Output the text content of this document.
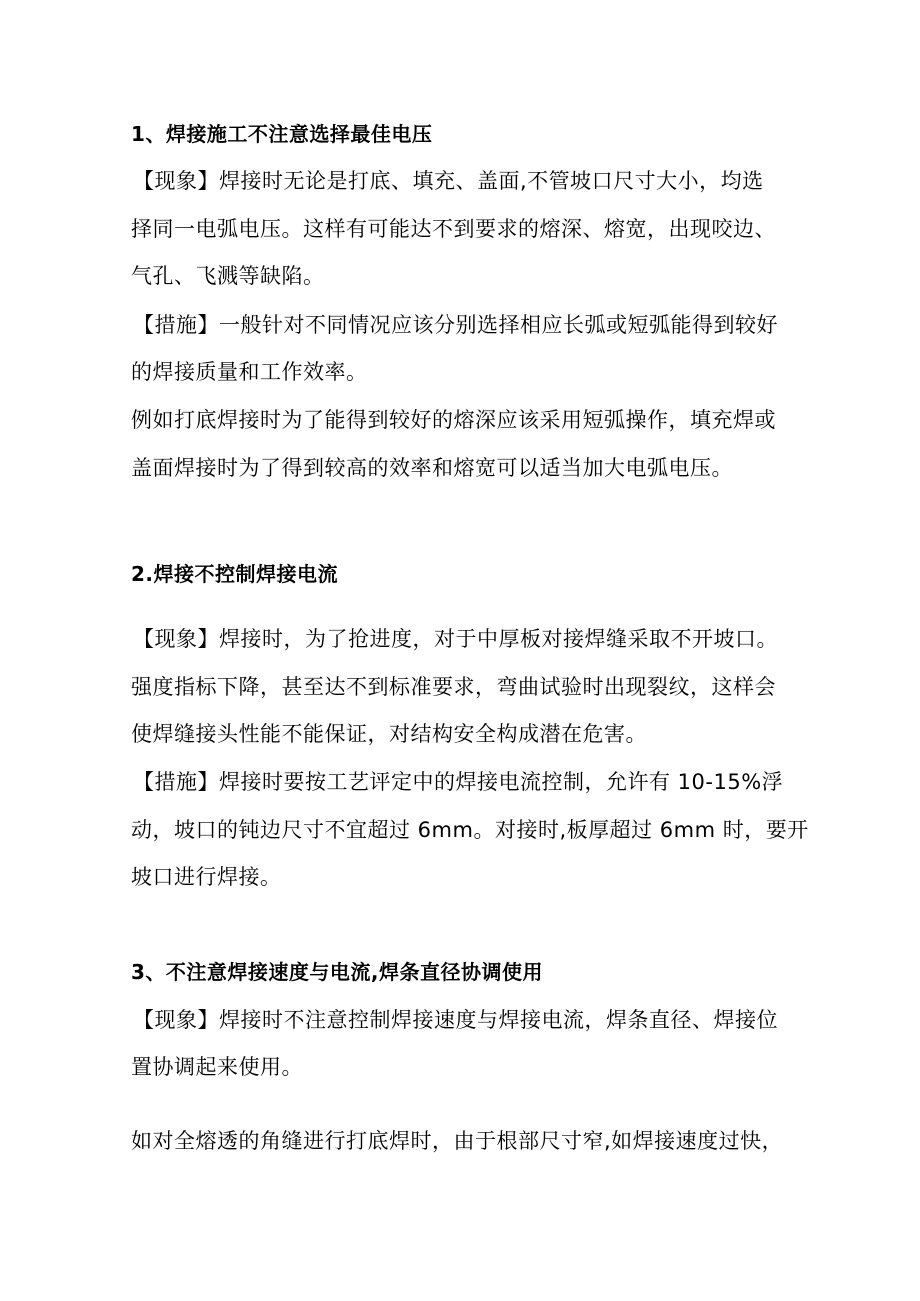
1、焊接施工不注意选择最佳电压
【现象】焊接时无论是打底、填充、盖面,不管坡口尺寸大小，均选
择同一电弧电压。这样有可能达不到要求的熔深、熔宽，出现咬边、
气孔、飞溅等缺陷。
【措施】一般针对不同情况应该分别选择相应长弧或短弧能得到较好
的焊接质量和工作效率。
例如打底焊接时为了能得到较好的熔深应该采用短弧操作，填充焊或
盖面焊接时为了得到较高的效率和熔宽可以适当加大电弧电压。
2.焊接不控制焊接电流
【现象】焊接时，为了抢进度，对于中厚板对接焊缝采取不开坡口。
强度指标下降，甚至达不到标准要求，弯曲试验时出现裂纹，这样会
使焊缝接头性能不能保证，对结构安全构成潜在危害。
【措施】焊接时要按工艺评定中的焊接电流控制，允许有 10-15%浮
动，坡口的钝边尺寸不宜超过 6mm。对接时,板厚超过 6mm 时，要开
坡口进行焊接。
3、不注意焊接速度与电流,焊条直径协调使用
【现象】焊接时不注意控制焊接速度与焊接电流，焊条直径、焊接位
置协调起来使用。
如对全熔透的角缝进行打底焊时，由于根部尺寸窄,如焊接速度过快，
